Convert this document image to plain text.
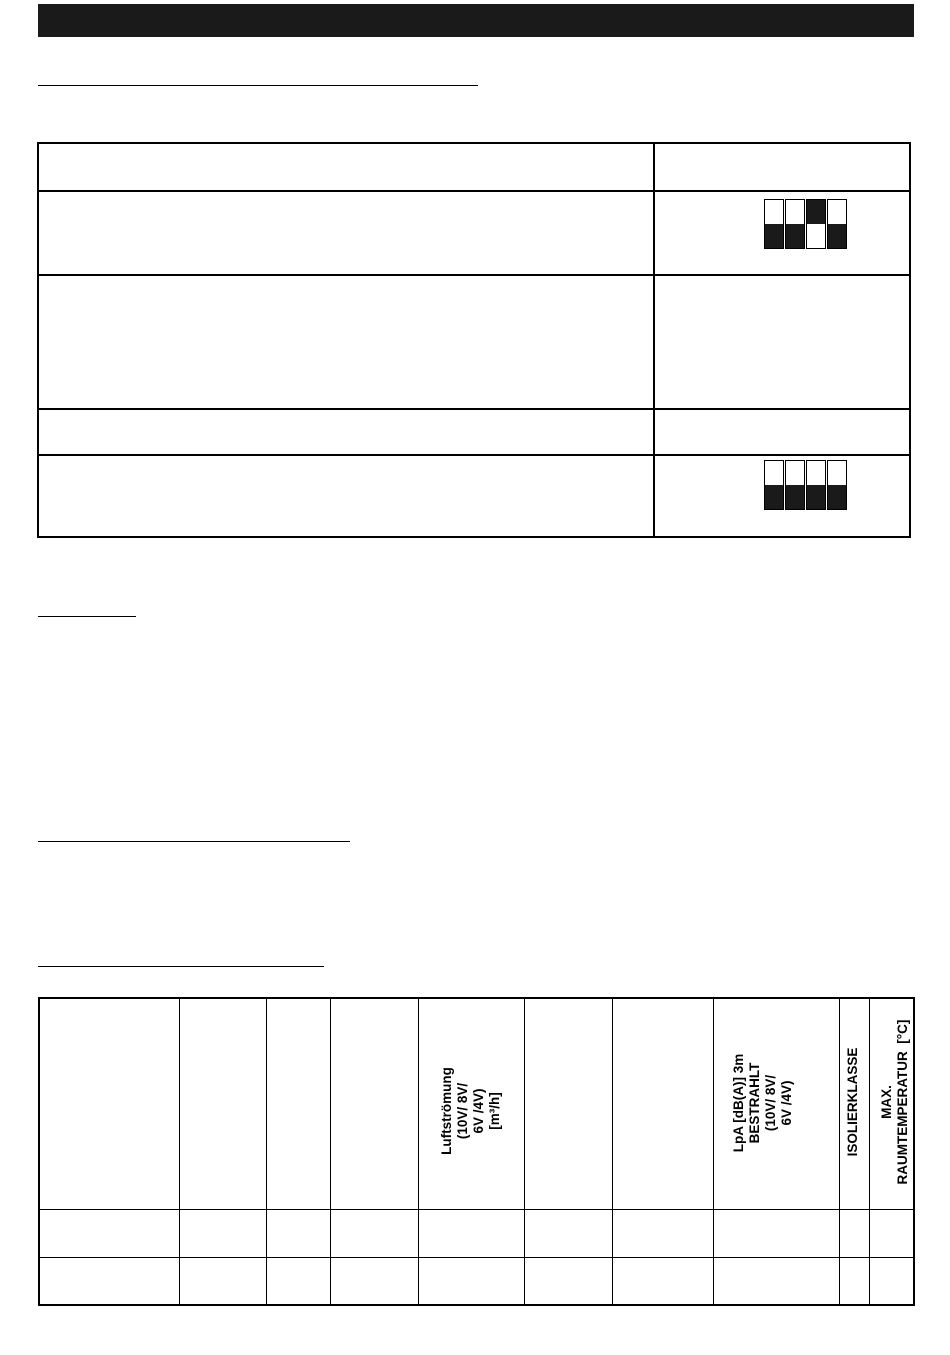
Luftströmung
(10V/ 8V/
6V /4V)
[m³/h]
LpA [dB(A)] 3m
BESTRAHLT
(10V/ 8V/
6V /4V)	ISOLIERKLASSE MAX.
RAUMTEMPERATUR  [°C]
